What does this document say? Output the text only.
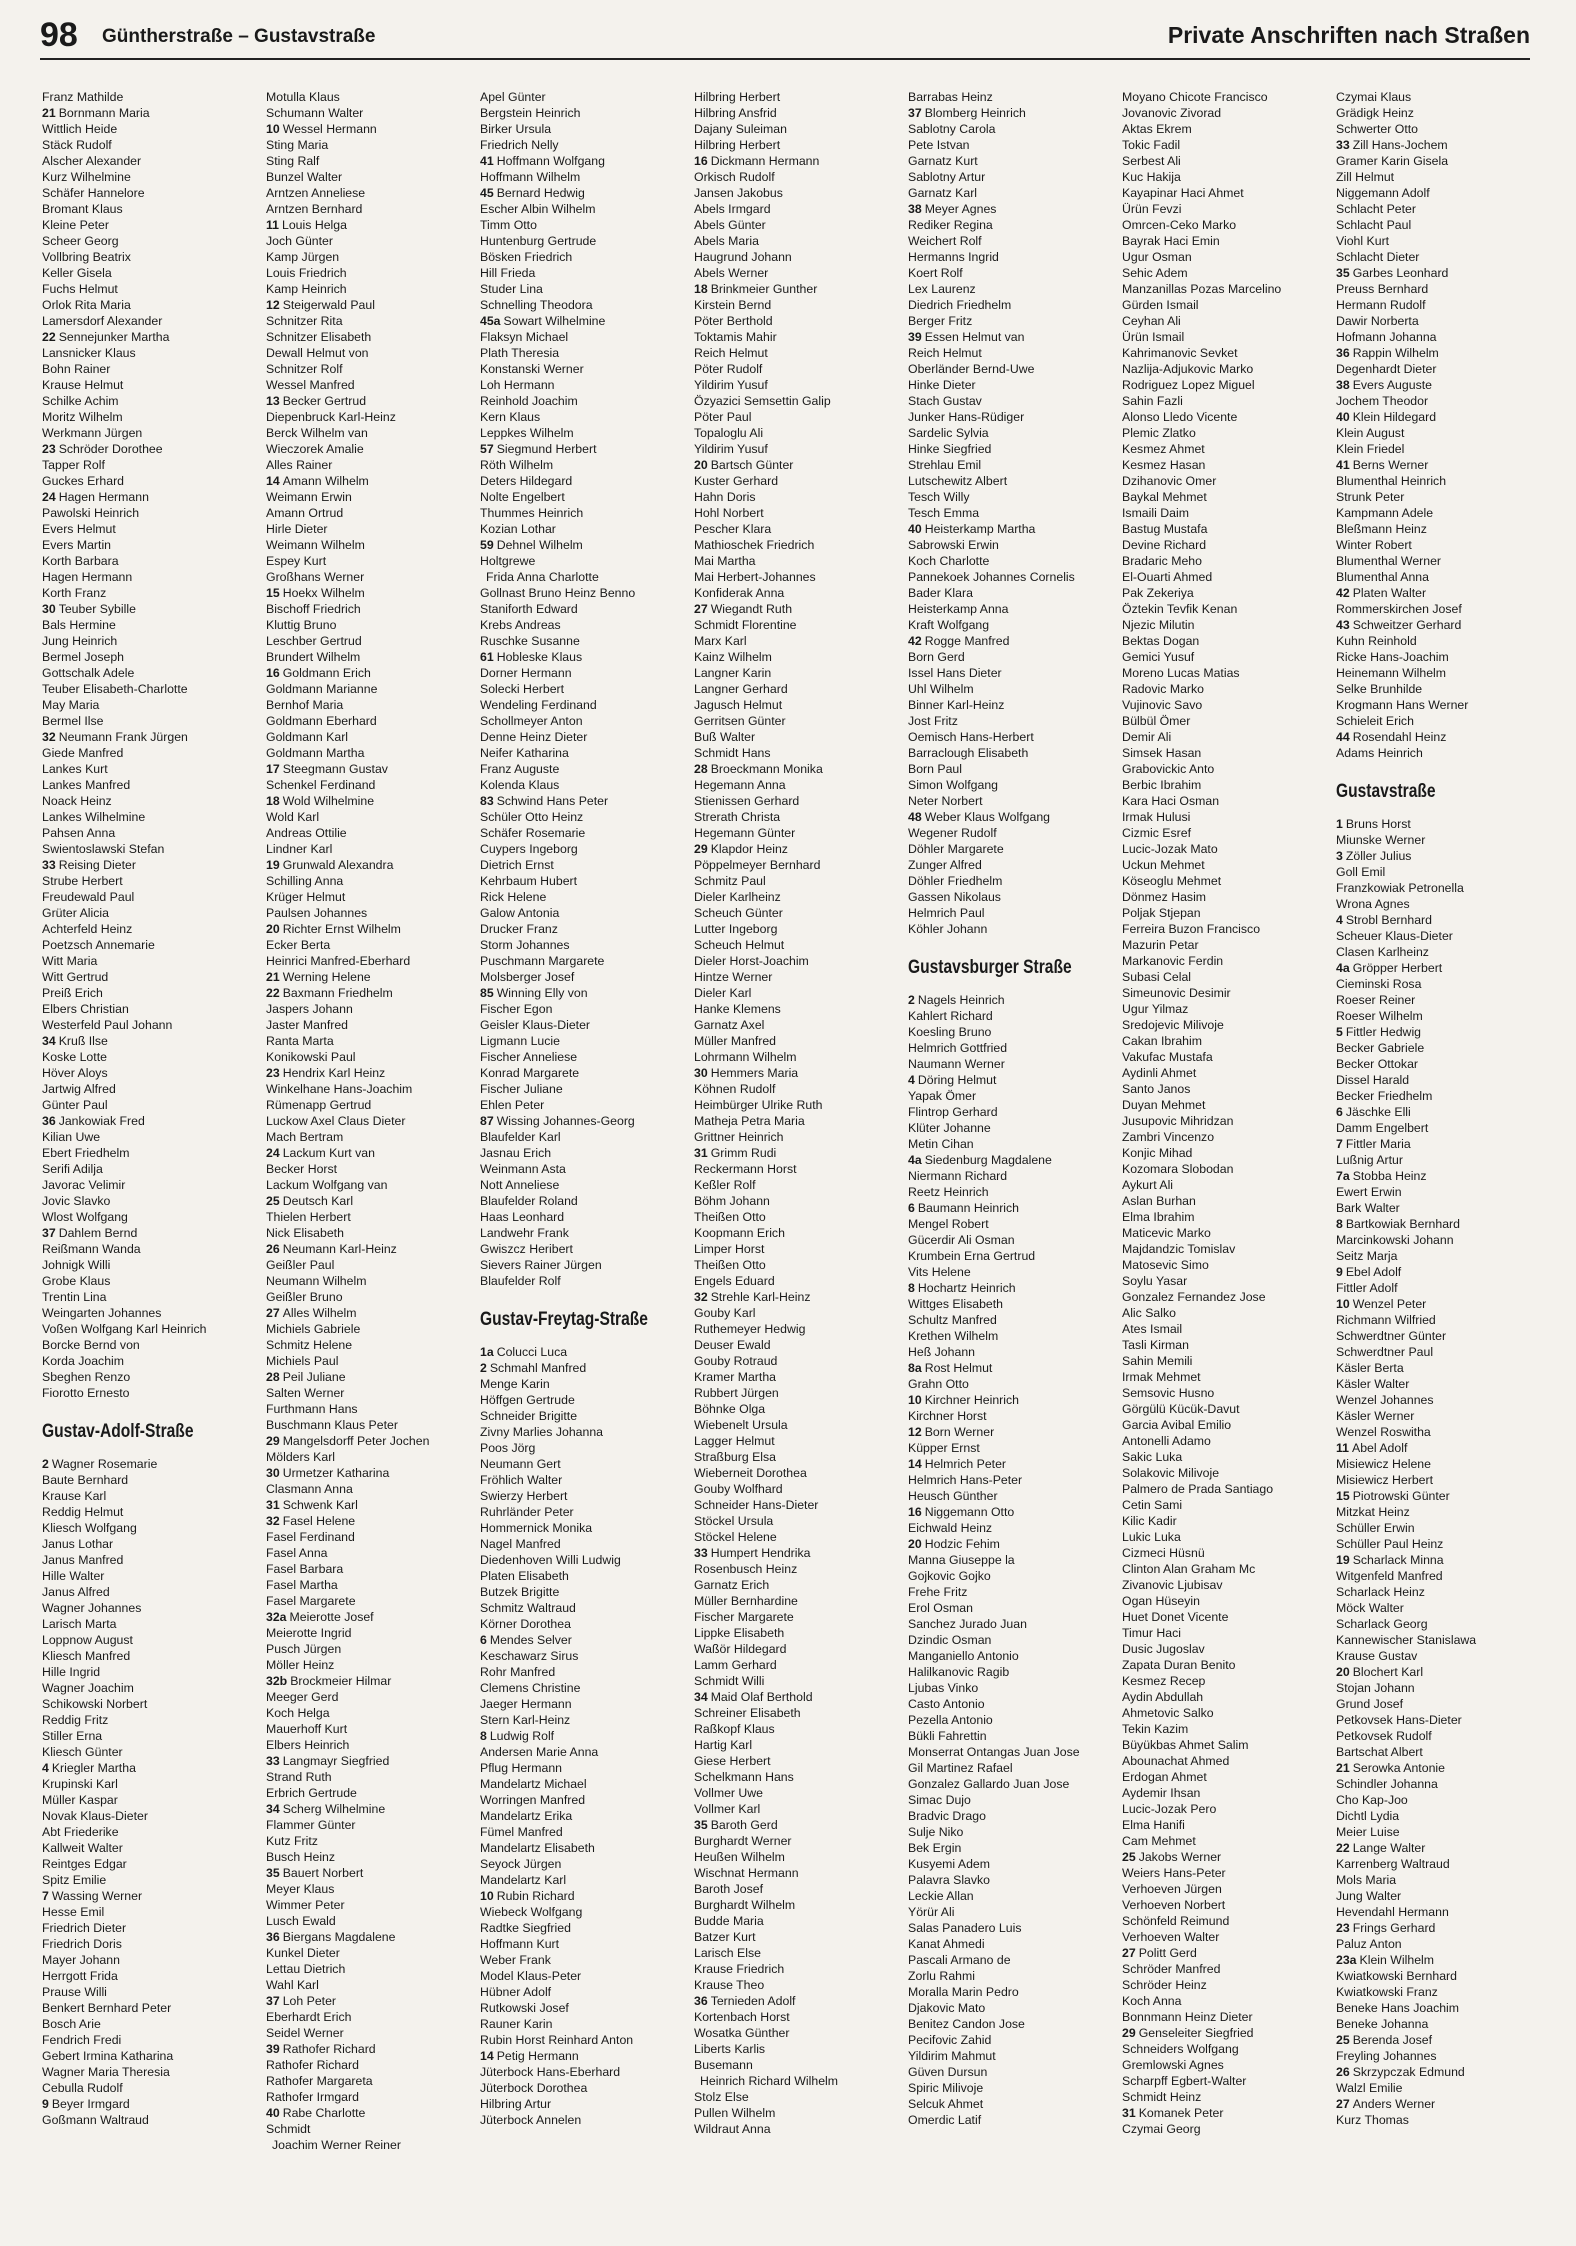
98 Güntherstraße – Gustavstraße	Private Anschriften nach Straßen
Franz Mathilde
21 Bornmann Maria
Wittlich Heide
Stäck Rudolf
Alscher Alexander
Kurz Wilhelmine
Schäfer Hannelore
Bromant Klaus
Kleine Peter
Scheer Georg
Vollbring Beatrix
Keller Gisela
Fuchs Helmut
Orlok Rita Maria
Lamersdorf Alexander
22 Sennejunker Martha
Lansnicker Klaus
Bohn Rainer
Krause Helmut
Schilke Achim
Moritz Wilhelm
Werkmann Jürgen
23 Schröder Dorothee
Tapper Rolf
Guckes Erhard
24 Hagen Hermann
Pawolski Heinrich
Evers Helmut
Evers Martin
Korth Barbara
Hagen Hermann
Korth Franz
30 Teuber Sybille
Bals Hermine
Jung Heinrich
Bermel Joseph
Gottschalk Adele
Teuber Elisabeth-Charlotte
May Maria
Bermel Ilse
32 Neumann Frank Jürgen
Giede Manfred
Lankes Kurt
Lankes Manfred
Noack Heinz
Lankes Wilhelmine
Pahsen Anna
Swientoslawski Stefan
33 Reising Dieter
Strube Herbert
Freudewald Paul
Grüter Alicia
Achterfeld Heinz
Poetzsch Annemarie
Witt Maria
Witt Gertrud
Preiß Erich
Elbers Christian
Westerfeld Paul Johann
34 Kruß Ilse
Koske Lotte
Höver Aloys
Jartwig Alfred
Günter Paul
36 Jankowiak Fred
Kilian Uwe
Ebert Friedhelm
Serifi Adilja
Javorac Velimir
Jovic Slavko
Wlost Wolfgang
37 Dahlem Bernd
Reißmann Wanda
Johnigk Willi
Grobe Klaus
Trentin Lina
Weingarten Johannes
Voßen Wolfgang Karl Heinrich
Borcke Bernd von
Korda Joachim
Sbeghen Renzo
Fiorotto Ernesto
Gustav-Adolf-Straße
2 Wagner Rosemarie
Baute Bernhard
Krause Karl
Reddig Helmut
Kliesch Wolfgang
Janus Lothar
Janus Manfred
Hille Walter
Janus Alfred
Wagner Johannes
Larisch Marta
Loppnow August
Kliesch Manfred
Hille Ingrid
Wagner Joachim
Schikowski Norbert
Reddig Fritz
Stiller Erna
Kliesch Günter
4 Kriegler Martha
Krupinski Karl
Müller Kaspar
Novak Klaus-Dieter
Abt Friederike
Kallweit Walter
Reintges Edgar
Spitz Emilie
7 Wassing Werner
Hesse Emil
Friedrich Dieter
Friedrich Doris
Mayer Johann
Herrgott Frida
Prause Willi
Benkert Bernhard Peter
Bosch Arie
Fendrich Fredi
Gebert Irmina Katharina
Wagner Maria Theresia
Cebulla Rudolf
9 Beyer Irmgard
Goßmann Waltraud
Motulla Klaus
Schumann Walter
10 Wessel Hermann
Sting Maria
Sting Ralf
Bunzel Walter
Arntzen Anneliese
Arntzen Bernhard
11 Louis Helga
Joch Günter
Kamp Jürgen
Louis Friedrich
Kamp Heinrich
12 Steigerwald Paul
Schnitzer Rita
Schnitzer Elisabeth
Dewall Helmut von
Schnitzer Rolf
Wessel Manfred
13 Becker Gertrud
Diepenbruck Karl-Heinz
Berck Wilhelm van
Wieczorek Amalie
Alles Rainer
14 Amann Wilhelm
Weimann Erwin
Amann Ortrud
Hirle Dieter
Weimann Wilhelm
Espey Kurt
Großhans Werner
15 Hoekx Wilhelm
Bischoff Friedrich
Kluttig Bruno
Leschber Gertrud
Brundert Wilhelm
16 Goldmann Erich
Goldmann Marianne
Bernhof Maria
Goldmann Eberhard
Goldmann Karl
Goldmann Martha
17 Steegmann Gustav
Schenkel Ferdinand
18 Wold Wilhelmine
Wold Karl
Andreas Ottilie
Lindner Karl
19 Grunwald Alexandra
Schilling Anna
Krüger Helmut
Paulsen Johannes
20 Richter Ernst Wilhelm
Ecker Berta
Heinrici Manfred-Eberhard
21 Werning Helene
22 Baxmann Friedhelm
Jaspers Johann
Jaster Manfred
Ranta Marta
Konikowski Paul
23 Hendrix Karl Heinz
Winkelhane Hans-Joachim
Rümenapp Gertrud
Luckow Axel Claus Dieter
Mach Bertram
24 Lackum Kurt van
Becker Horst
Lackum Wolfgang van
25 Deutsch Karl
Thielen Herbert
Nick Elisabeth
26 Neumann Karl-Heinz
Geißler Paul
Neumann Wilhelm
Geißler Bruno
27 Alles Wilhelm
Michiels Gabriele
Schmitz Helene
Michiels Paul
28 Peil Juliane
Salten Werner
Furthmann Hans
Buschmann Klaus Peter
29 Mangelsdorff Peter Jochen
Mölders Karl
30 Urmetzer Katharina
Clasmann Anna
31 Schwenk Karl
32 Fasel Helene
Fasel Ferdinand
Fasel Anna
Fasel Barbara
Fasel Martha
Fasel Margarete
32a Meierotte Josef
Meierotte Ingrid
Pusch Jürgen
Möller Heinz
32b Brockmeier Hilmar
Meeger Gerd
Koch Helga
Mauerhoff Kurt
Elbers Heinrich
33 Langmayr Siegfried
Strand Ruth
Erbrich Gertrude
34 Scherg Wilhelmine
Flammer Günter
Kutz Fritz
Busch Heinz
35 Bauert Norbert
Meyer Klaus
Wimmer Peter
Lusch Ewald
36 Biergans Magdalene
Kunkel Dieter
Lettau Dietrich
Wahl Karl
37 Loh Peter
Eberhardt Erich
Seidel Werner
39 Rathofer Richard
Rathofer Richard
Rathofer Margareta
Rathofer Irmgard
40 Rabe Charlotte
Schmidt
Joachim Werner Reiner
Apel Günter
Bergstein Heinrich
Birker Ursula
Friedrich Nelly
41 Hoffmann Wolfgang
Hoffmann Wilhelm
45 Bernard Hedwig
Escher Albin Wilhelm
Timm Otto
Huntenburg Gertrude
Bösken Friedrich
Hill Frieda
Studer Lina
Schnelling Theodora
45a Sowart Wilhelmine
Flaksyn Michael
Plath Theresia
Konstanski Werner
Loh Hermann
Reinhold Joachim
Kern Klaus
Leppkes Wilhelm
57 Siegmund Herbert
Röth Wilhelm
Deters Hildegard
Nolte Engelbert
Thummes Heinrich
Kozian Lothar
59 Dehnel Wilhelm
Holtgrewe
Frida Anna Charlotte
Gollnast Bruno Heinz Benno
Staniforth Edward
Krebs Andreas
Ruschke Susanne
61 Hobleske Klaus
Dorner Hermann
Solecki Herbert
Wendeling Ferdinand
Schollmeyer Anton
Denne Heinz Dieter
Neifer Katharina
Franz Auguste
Kolenda Klaus
83 Schwind Hans Peter
Schüler Otto Heinz
Schäfer Rosemarie
Cuypers Ingeborg
Dietrich Ernst
Kehrbaum Hubert
Rick Helene
Galow Antonia
Drucker Franz
Storm Johannes
Puschmann Margarete
Molsberger Josef
85 Winning Elly von
Fischer Egon
Geisler Klaus-Dieter
Ligmann Lucie
Fischer Anneliese
Konrad Margarete
Fischer Juliane
Ehlen Peter
87 Wissing Johannes-Georg
Blaufelder Karl
Jasnau Erich
Weinmann Asta
Nott Anneliese
Blaufelder Roland
Haas Leonhard
Landwehr Frank
Gwiszcz Heribert
Sievers Rainer Jürgen
Blaufelder Rolf
Gustav-Freytag-Straße
1a Colucci Luca
2 Schmahl Manfred
Menge Karin
Höffgen Gertrude
Schneider Brigitte
Zivny Marlies Johanna
Poos Jörg
Neumann Gert
Fröhlich Walter
Swierzy Herbert
Ruhrländer Peter
Hommernick Monika
Nagel Manfred
Diedenhoven Willi Ludwig
Platen Elisabeth
Butzek Brigitte
Schmitz Waltraud
Körner Dorothea
6 Mendes Selver
Keschawarz Sirus
Rohr Manfred
Clemens Christine
Jaeger Hermann
Stern Karl-Heinz
8 Ludwig Rolf
Andersen Marie Anna
Pflug Hermann
Mandelartz Michael
Worringen Manfred
Mandelartz Erika
Fümel Manfred
Mandelartz Elisabeth
Seyock Jürgen
Mandelartz Karl
10 Rubin Richard
Wiebeck Wolfgang
Radtke Siegfried
Hoffmann Kurt
Weber Frank
Model Klaus-Peter
Hübner Adolf
Rutkowski Josef
Rauner Karin
Rubin Horst Reinhard Anton
14 Petig Hermann
Jüterbock Hans-Eberhard
Jüterbock Dorothea
Hilbring Artur
Jüterbock Annelen
Hilbring Herbert
Hilbring Ansfrid
Dajany Suleiman
Hilbring Herbert
16 Dickmann Hermann
Orkisch Rudolf
Jansen Jakobus
Abels Irmgard
Abels Günter
Abels Maria
Haugrund Johann
Abels Werner
18 Brinkmeier Gunther
Kirstein Bernd
Pöter Berthold
Toktamis Mahir
Reich Helmut
Pöter Rudolf
Yildirim Yusuf
Özyazici Semsettin Galip
Pöter Paul
Topaloglu Ali
Yildirim Yusuf
20 Bartsch Günter
Kuster Gerhard
Hahn Doris
Hohl Norbert
Pescher Klara
Mathioschek Friedrich
Mai Martha
Mai Herbert-Johannes
Konfiderak Anna
27 Wiegandt Ruth
Schmidt Florentine
Marx Karl
Kainz Wilhelm
Langner Karin
Langner Gerhard
Jagusch Helmut
Gerritsen Günter
Buß Walter
Schmidt Hans
28 Broeckmann Monika
Hegemann Anna
Stienissen Gerhard
Strerath Christa
Hegemann Günter
29 Klapdor Heinz
Pöppelmeyer Bernhard
Schmitz Paul
Dieler Karlheinz
Scheuch Günter
Lutter Ingeborg
Scheuch Helmut
Dieler Horst-Joachim
Hintze Werner
Dieler Karl
Hanke Klemens
Garnatz Axel
Müller Manfred
Lohrmann Wilhelm
30 Hemmers Maria
Köhnen Rudolf
Heimbürger Ulrike Ruth
Matheja Petra Maria
Grittner Heinrich
31 Grimm Rudi
Reckermann Horst
Keßler Rolf
Böhm Johann
Theißen Otto
Koopmann Erich
Limper Horst
Theißen Otto
Engels Eduard
32 Strehle Karl-Heinz
Gouby Karl
Ruthemeyer Hedwig
Deuser Ewald
Gouby Rotraud
Kramer Martha
Rubbert Jürgen
Böhnke Olga
Wiebenelt Ursula
Lagger Helmut
Straßburg Elsa
Wieberneit Dorothea
Gouby Wolfhard
Schneider Hans-Dieter
Stöckel Ursula
Stöckel Helene
33 Humpert Hendrika
Rosenbusch Heinz
Garnatz Erich
Müller Bernhardine
Fischer Margarete
Lippke Elisabeth
Waßör Hildegard
Lamm Gerhard
Schmidt Willi
34 Maid Olaf Berthold
Schreiner Elisabeth
Raßkopf Klaus
Hartig Karl
Giese Herbert
Schelkmann Hans
Vollmer Uwe
Vollmer Karl
35 Baroth Gerd
Burghardt Werner
Heußen Wilhelm
Wischnat Hermann
Baroth Josef
Burghardt Wilhelm
Budde Maria
Batzer Kurt
Larisch Else
Krause Friedrich
Krause Theo
36 Ternieden Adolf
Kortenbach Horst
Wosatka Günther
Liberts Karlis
Busemann
Heinrich Richard Wilhelm
Stolz Else
Pullen Wilhelm
Wildraut Anna
Barrabas Heinz
37 Blomberg Heinrich
Sablotny Carola
Pete Istvan
Garnatz Kurt
Sablotny Artur
Garnatz Karl
38 Meyer Agnes
Rediker Regina
Weichert Rolf
Hermanns Ingrid
Koert Rolf
Lex Laurenz
Diedrich Friedhelm
Berger Fritz
39 Essen Helmut van
Reich Helmut
Oberländer Bernd-Uwe
Hinke Dieter
Stach Gustav
Junker Hans-Rüdiger
Sardelic Sylvia
Hinke Siegfried
Strehlau Emil
Lutschewitz Albert
Tesch Willy
Tesch Emma
40 Heisterkamp Martha
Sabrowski Erwin
Koch Charlotte
Pannekoek Johannes Cornelis
Bader Klara
Heisterkamp Anna
Kraft Wolfgang
42 Rogge Manfred
Born Gerd
Issel Hans Dieter
Uhl Wilhelm
Binner Karl-Heinz
Jost Fritz
Oemisch Hans-Herbert
Barraclough Elisabeth
Born Paul
Simon Wolfgang
Neter Norbert
48 Weber Klaus Wolfgang
Wegener Rudolf
Döhler Margarete
Zunger Alfred
Döhler Friedhelm
Gassen Nikolaus
Helmrich Paul
Köhler Johann
Gustavsburger Straße
2 Nagels Heinrich
Kahlert Richard
Koesling Bruno
Helmrich Gottfried
Naumann Werner
4 Döring Helmut
Yapak Ömer
Flintrop Gerhard
Klüter Johanne
Metin Cihan
4a Siedenburg Magdalene
Niermann Richard
Reetz Heinrich
6 Baumann Heinrich
Mengel Robert
Gücerdir Ali Osman
Krumbein Erna Gertrud
Vits Helene
8 Hochartz Heinrich
Wittges Elisabeth
Schultz Manfred
Krethen Wilhelm
Heß Johann
8a Rost Helmut
Grahn Otto
10 Kirchner Heinrich
Kirchner Horst
12 Born Werner
Küpper Ernst
14 Helmrich Peter
Helmrich Hans-Peter
Heusch Günther
16 Niggemann Otto
Eichwald Heinz
20 Hodzic Fehim
Manna Giuseppe la
Gojkovic Gojko
Frehe Fritz
Erol Osman
Sanchez Jurado Juan
Dzindic Osman
Manganiello Antonio
Halilkanovic Ragib
Ljubas Vinko
Casto Antonio
Pezella Antonio
Bükli Fahrettin
Monserrat Ontangas Juan Jose
Gil Martinez Rafael
Gonzalez Gallardo Juan Jose
Simac Dujo
Bradvic Drago
Sulje Niko
Bek Ergin
Kusyemi Adem
Palavra Slavko
Leckie Allan
Yörür Ali
Salas Panadero Luis
Kanat Ahmedi
Pascali Armano de
Zorlu Rahmi
Moralla Marin Pedro
Djakovic Mato
Benitez Candon Jose
Pecifovic Zahid
Yildirim Mahmut
Güven Dursun
Spiric Milivoje
Selcuk Ahmet
Omerdic Latif
Moyano Chicote Francisco
Jovanovic Zivorad
Aktas Ekrem
Tokic Fadil
Serbest Ali
Kuc Hakija
Kayapinar Haci Ahmet
Ürün Fevzi
Omrcen-Ceko Marko
Bayrak Haci Emin
Ugur Osman
Sehic Adem
Manzanillas Pozas Marcelino
Gürden Ismail
Ceyhan Ali
Ürün Ismail
Kahrimanovic Sevket
Nazlija-Adjukovic Marko
Rodriguez Lopez Miguel
Sahin Fazli
Alonso Lledo Vicente
Plemic Zlatko
Kesmez Ahmet
Kesmez Hasan
Dzihanovic Omer
Baykal Mehmet
Ismaili Daim
Bastug Mustafa
Devine Richard
Bradaric Meho
El-Ouarti Ahmed
Pak Zekeriya
Öztekin Tevfik Kenan
Njezic Milutin
Bektas Dogan
Gemici Yusuf
Moreno Lucas Matias
Radovic Marko
Vujinovic Savo
Bülbül Ömer
Demir Ali
Simsek Hasan
Grabovickic Anto
Berbic Ibrahim
Kara Haci Osman
Irmak Hulusi
Cizmic Esref
Lucic-Jozak Mato
Uckun Mehmet
Köseoglu Mehmet
Dönmez Hasim
Poljak Stjepan
Ferreira Buzon Francisco
Mazurin Petar
Markanovic Ferdin
Subasi Celal
Simeunovic Desimir
Ugur Yilmaz
Sredojevic Milivoje
Cakan Ibrahim
Vakufac Mustafa
Aydinli Ahmet
Santo Janos
Duyan Mehmet
Jusupovic Mihridzan
Zambri Vincenzo
Konjic Mihad
Kozomara Slobodan
Aykurt Ali
Aslan Burhan
Elma Ibrahim
Maticevic Marko
Majdandzic Tomislav
Matosevic Simo
Soylu Yasar
Gonzalez Fernandez Jose
Alic Salko
Ates Ismail
Tasli Kirman
Sahin Memili
Irmak Mehmet
Semsovic Husno
Görgülü Kücük-Davut
Garcia Avibal Emilio
Antonelli Adamo
Sakic Luka
Solakovic Milivoje
Palmero de Prada Santiago
Cetin Sami
Kilic Kadir
Lukic Luka
Cizmeci Hüsnü
Clinton Alan Graham Mc
Zivanovic Ljubisav
Ogan Hüseyin
Huet Donet Vicente
Timur Haci
Dusic Jugoslav
Zapata Duran Benito
Kesmez Recep
Aydin Abdullah
Ahmetovic Salko
Tekin Kazim
Büyükbas Ahmet Salim
Abounachat Ahmed
Erdogan Ahmet
Aydemir Ihsan
Lucic-Jozak Pero
Elma Hanifi
Cam Mehmet
25 Jakobs Werner
Weiers Hans-Peter
Verhoeven Jürgen
Verhoeven Norbert
Schönfeld Reimund
Verhoeven Walter
27 Politt Gerd
Schröder Manfred
Schröder Heinz
Koch Anna
Bonnmann Heinz Dieter
29 Genseleiter Siegfried
Schneiders Wolfgang
Gremlowski Agnes
Scharpff Egbert-Walter
Schmidt Heinz
31 Komanek Peter
Czymai Georg
Czymai Klaus
Grädigk Heinz
Schwerter Otto
33 Zill Hans-Jochem
Gramer Karin Gisela
Zill Helmut
Niggemann Adolf
Schlacht Peter
Schlacht Paul
Viohl Kurt
Schlacht Dieter
35 Garbes Leonhard
Preuss Bernhard
Hermann Rudolf
Dawir Norberta
Hofmann Johanna
36 Rappin Wilhelm
Degenhardt Dieter
38 Evers Auguste
Jochem Theodor
40 Klein Hildegard
Klein August
Klein Friedel
41 Berns Werner
Blumenthal Heinrich
Strunk Peter
Kampmann Adele
Bleßmann Heinz
Winter Robert
Blumenthal Werner
Blumenthal Anna
42 Platen Walter
Rommerskirchen Josef
43 Schweitzer Gerhard
Kuhn Reinhold
Ricke Hans-Joachim
Heinemann Wilhelm
Selke Brunhilde
Krogmann Hans Werner
Schieleit Erich
44 Rosendahl Heinz
Adams Heinrich
Gustavstraße
1 Bruns Horst
Miunske Werner
3 Zöller Julius
Goll Emil
Franzkowiak Petronella
Wrona Agnes
4 Strobl Bernhard
Scheuer Klaus-Dieter
Clasen Karlheinz
4a Gröpper Herbert
Cieminski Rosa
Roeser Reiner
Roeser Wilhelm
5 Fittler Hedwig
Becker Gabriele
Becker Ottokar
Dissel Harald
Becker Friedhelm
6 Jäschke Elli
Damm Engelbert
7 Fittler Maria
Lußnig Artur
7a Stobba Heinz
Ewert Erwin
Bark Walter
8 Bartkowiak Bernhard
Marcinkowski Johann
Seitz Marja
9 Ebel Adolf
Fittler Adolf
10 Wenzel Peter
Richmann Wilfried
Schwerdtner Günter
Schwerdtner Paul
Käsler Berta
Käsler Walter
Wenzel Johannes
Käsler Werner
Wenzel Roswitha
11 Abel Adolf
Misiewicz Helene
Misiewicz Herbert
15 Piotrowski Günter
Mitzkat Heinz
Schüller Erwin
Schüller Paul Heinz
19 Scharlack Minna
Witgenfeld Manfred
Scharlack Heinz
Möck Walter
Scharlack Georg
Kannewischer Stanislawa
Krause Gustav
20 Blochert Karl
Stojan Johann
Grund Josef
Petkovsek Hans-Dieter
Petkovsek Rudolf
Bartschat Albert
21 Serowka Antonie
Schindler Johanna
Cho Kap-Joo
Dichtl Lydia
Meier Luise
22 Lange Walter
Karrenberg Waltraud
Mols Maria
Jung Walter
Hevendahl Hermann
23 Frings Gerhard
Paluz Anton
23a Klein Wilhelm
Kwiatkowski Bernhard
Kwiatkowski Franz
Beneke Hans Joachim
Beneke Johanna
25 Berenda Josef
Freyling Johannes
26 Skrzypczak Edmund
Walzl Emilie
27 Anders Werner
Kurz Thomas
